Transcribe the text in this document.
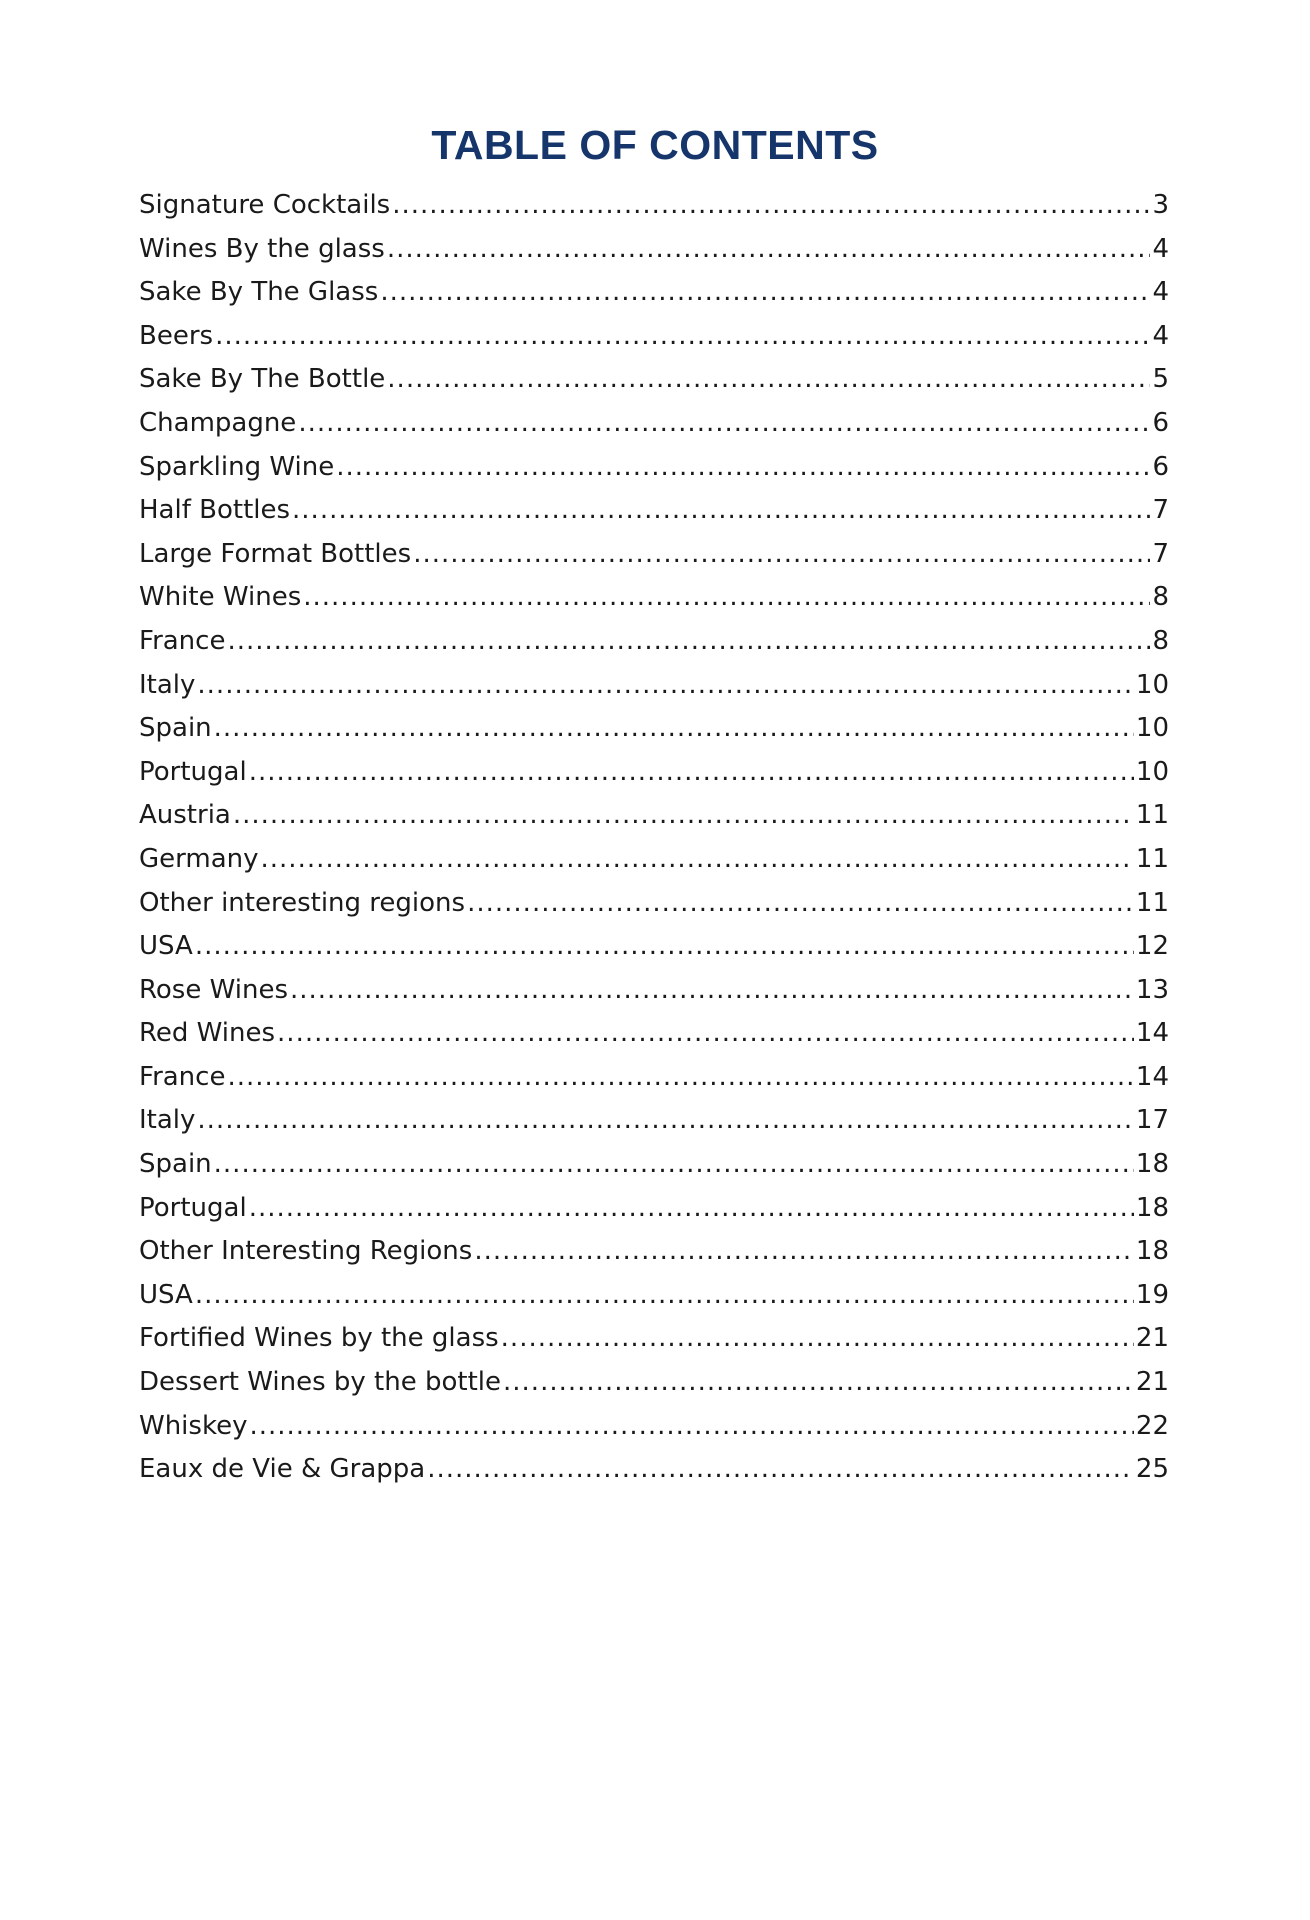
TABLE OF CONTENTS
Signature Cocktails .....	3
Wines By the glass .....	4
Sake By The Glass .....	4
Beers .....	4
Sake By The Bottle .....	5
Champagne .....	6
Sparkling Wine .....	6
Half Bottles .....	7
Large Format Bottles .....	7
White Wines .....	8
France .....	8
Italy .....	10
Spain .....	10
Portugal .....	10
Austria .....	11
Germany .....	11
Other interesting regions .....	11
USA .....	12
Rose Wines .....	13
Red Wines .....	14
France .....	14
Italy .....	17
Spain .....	18
Portugal .....	18
Other Interesting Regions .....	18
USA .....	19
Fortified Wines by the glass .....	21
Dessert Wines by the bottle .....	21
Whiskey .....	22
Eaux de Vie & Grappa .....	25
